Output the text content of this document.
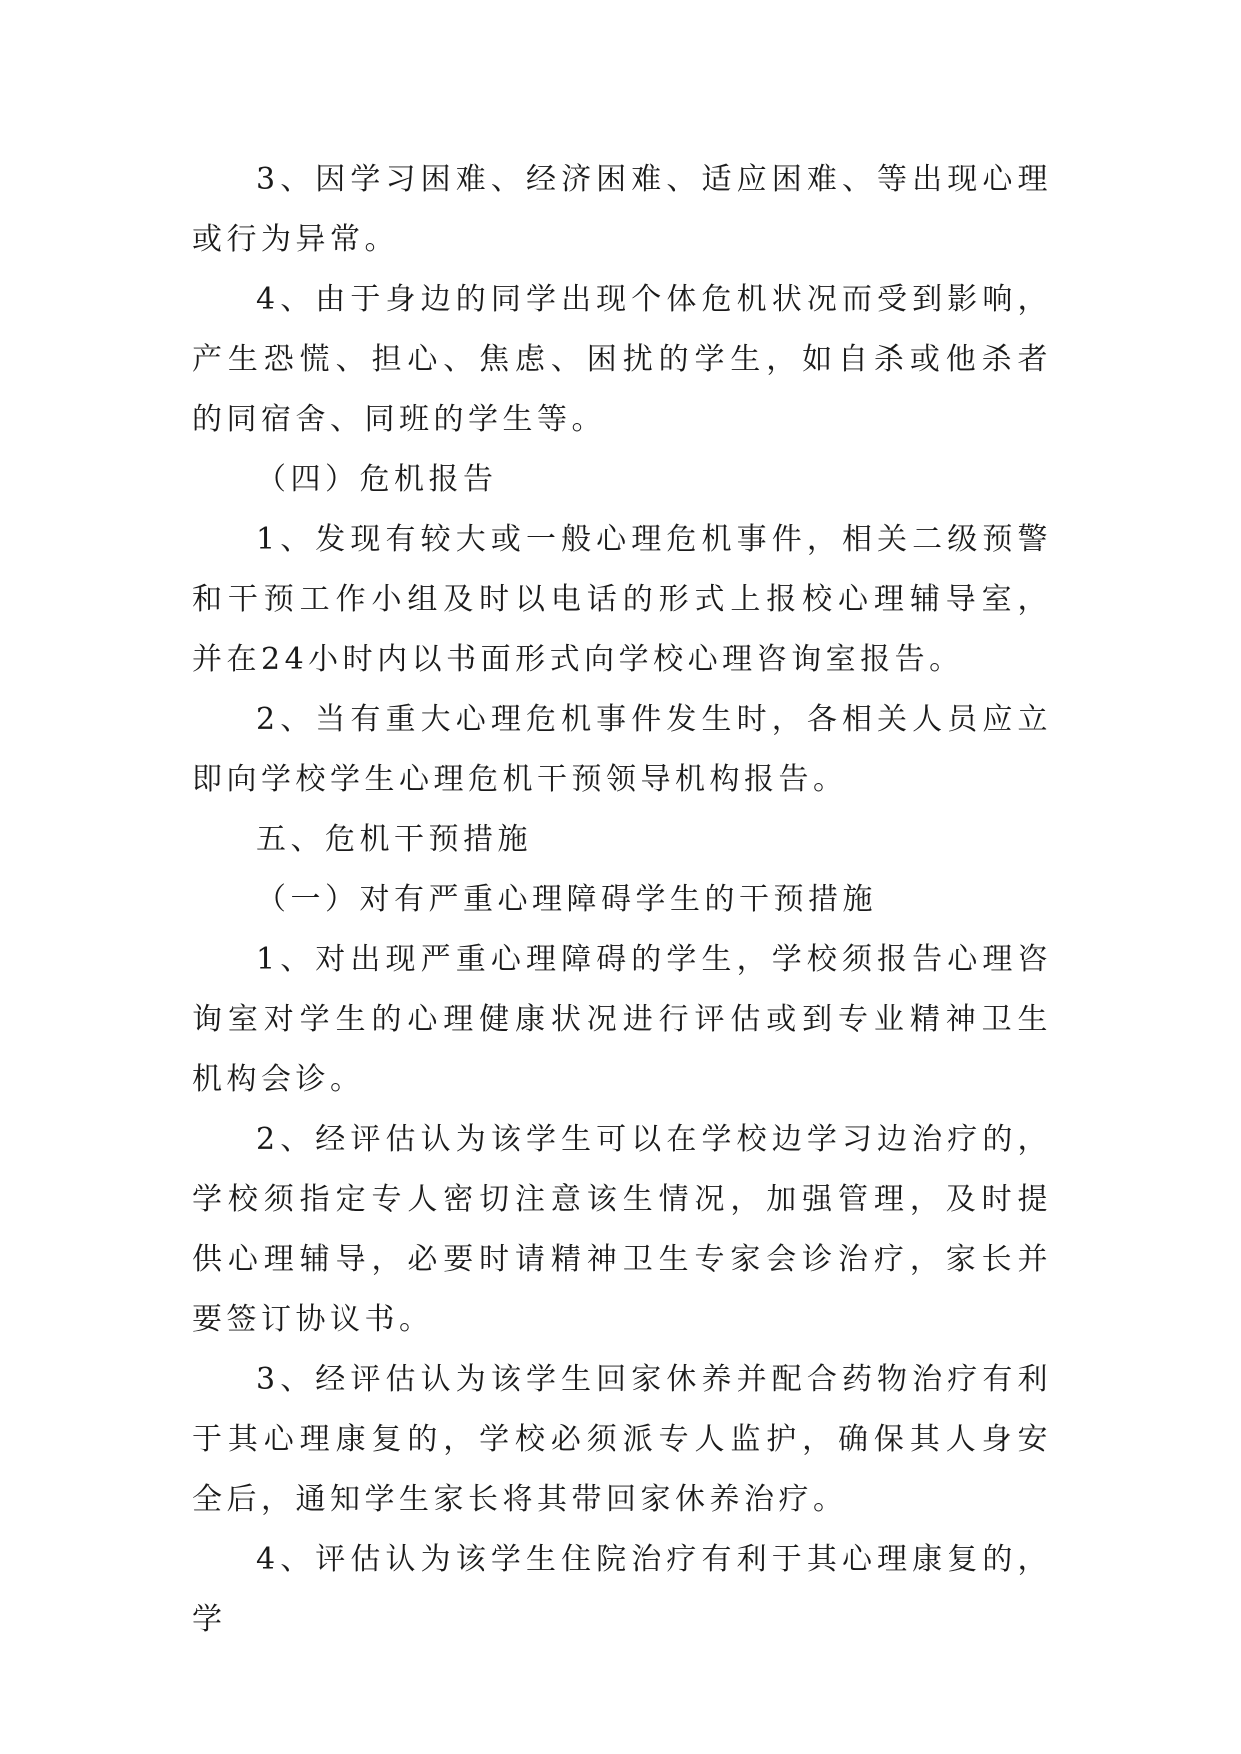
3、因学习困难、经济困难、适应困难、等出现心理或行为异常。

4、由于身边的同学出现个体危机状况而受到影响，产生恐慌、担心、焦虑、困扰的学生，如自杀或他杀者的同宿舍、同班的学生等。

（四）危机报告

1、发现有较大或一般心理危机事件，相关二级预警和干预工作小组及时以电话的形式上报校心理辅导室，并在24小时内以书面形式向学校心理咨询室报告。

2、当有重大心理危机事件发生时，各相关人员应立即向学校学生心理危机干预领导机构报告。

五、危机干预措施

（一）对有严重心理障碍学生的干预措施

1、对出现严重心理障碍的学生，学校须报告心理咨询室对学生的心理健康状况进行评估或到专业精神卫生机构会诊。

2、经评估认为该学生可以在学校边学习边治疗的，学校须指定专人密切注意该生情况，加强管理，及时提供心理辅导，必要时请精神卫生专家会诊治疗，家长并要签订协议书。

3、经评估认为该学生回家休养并配合药物治疗有利于其心理康复的，学校必须派专人监护，确保其人身安全后，通知学生家长将其带回家休养治疗。

4、评估认为该学生住院治疗有利于其心理康复的，学
